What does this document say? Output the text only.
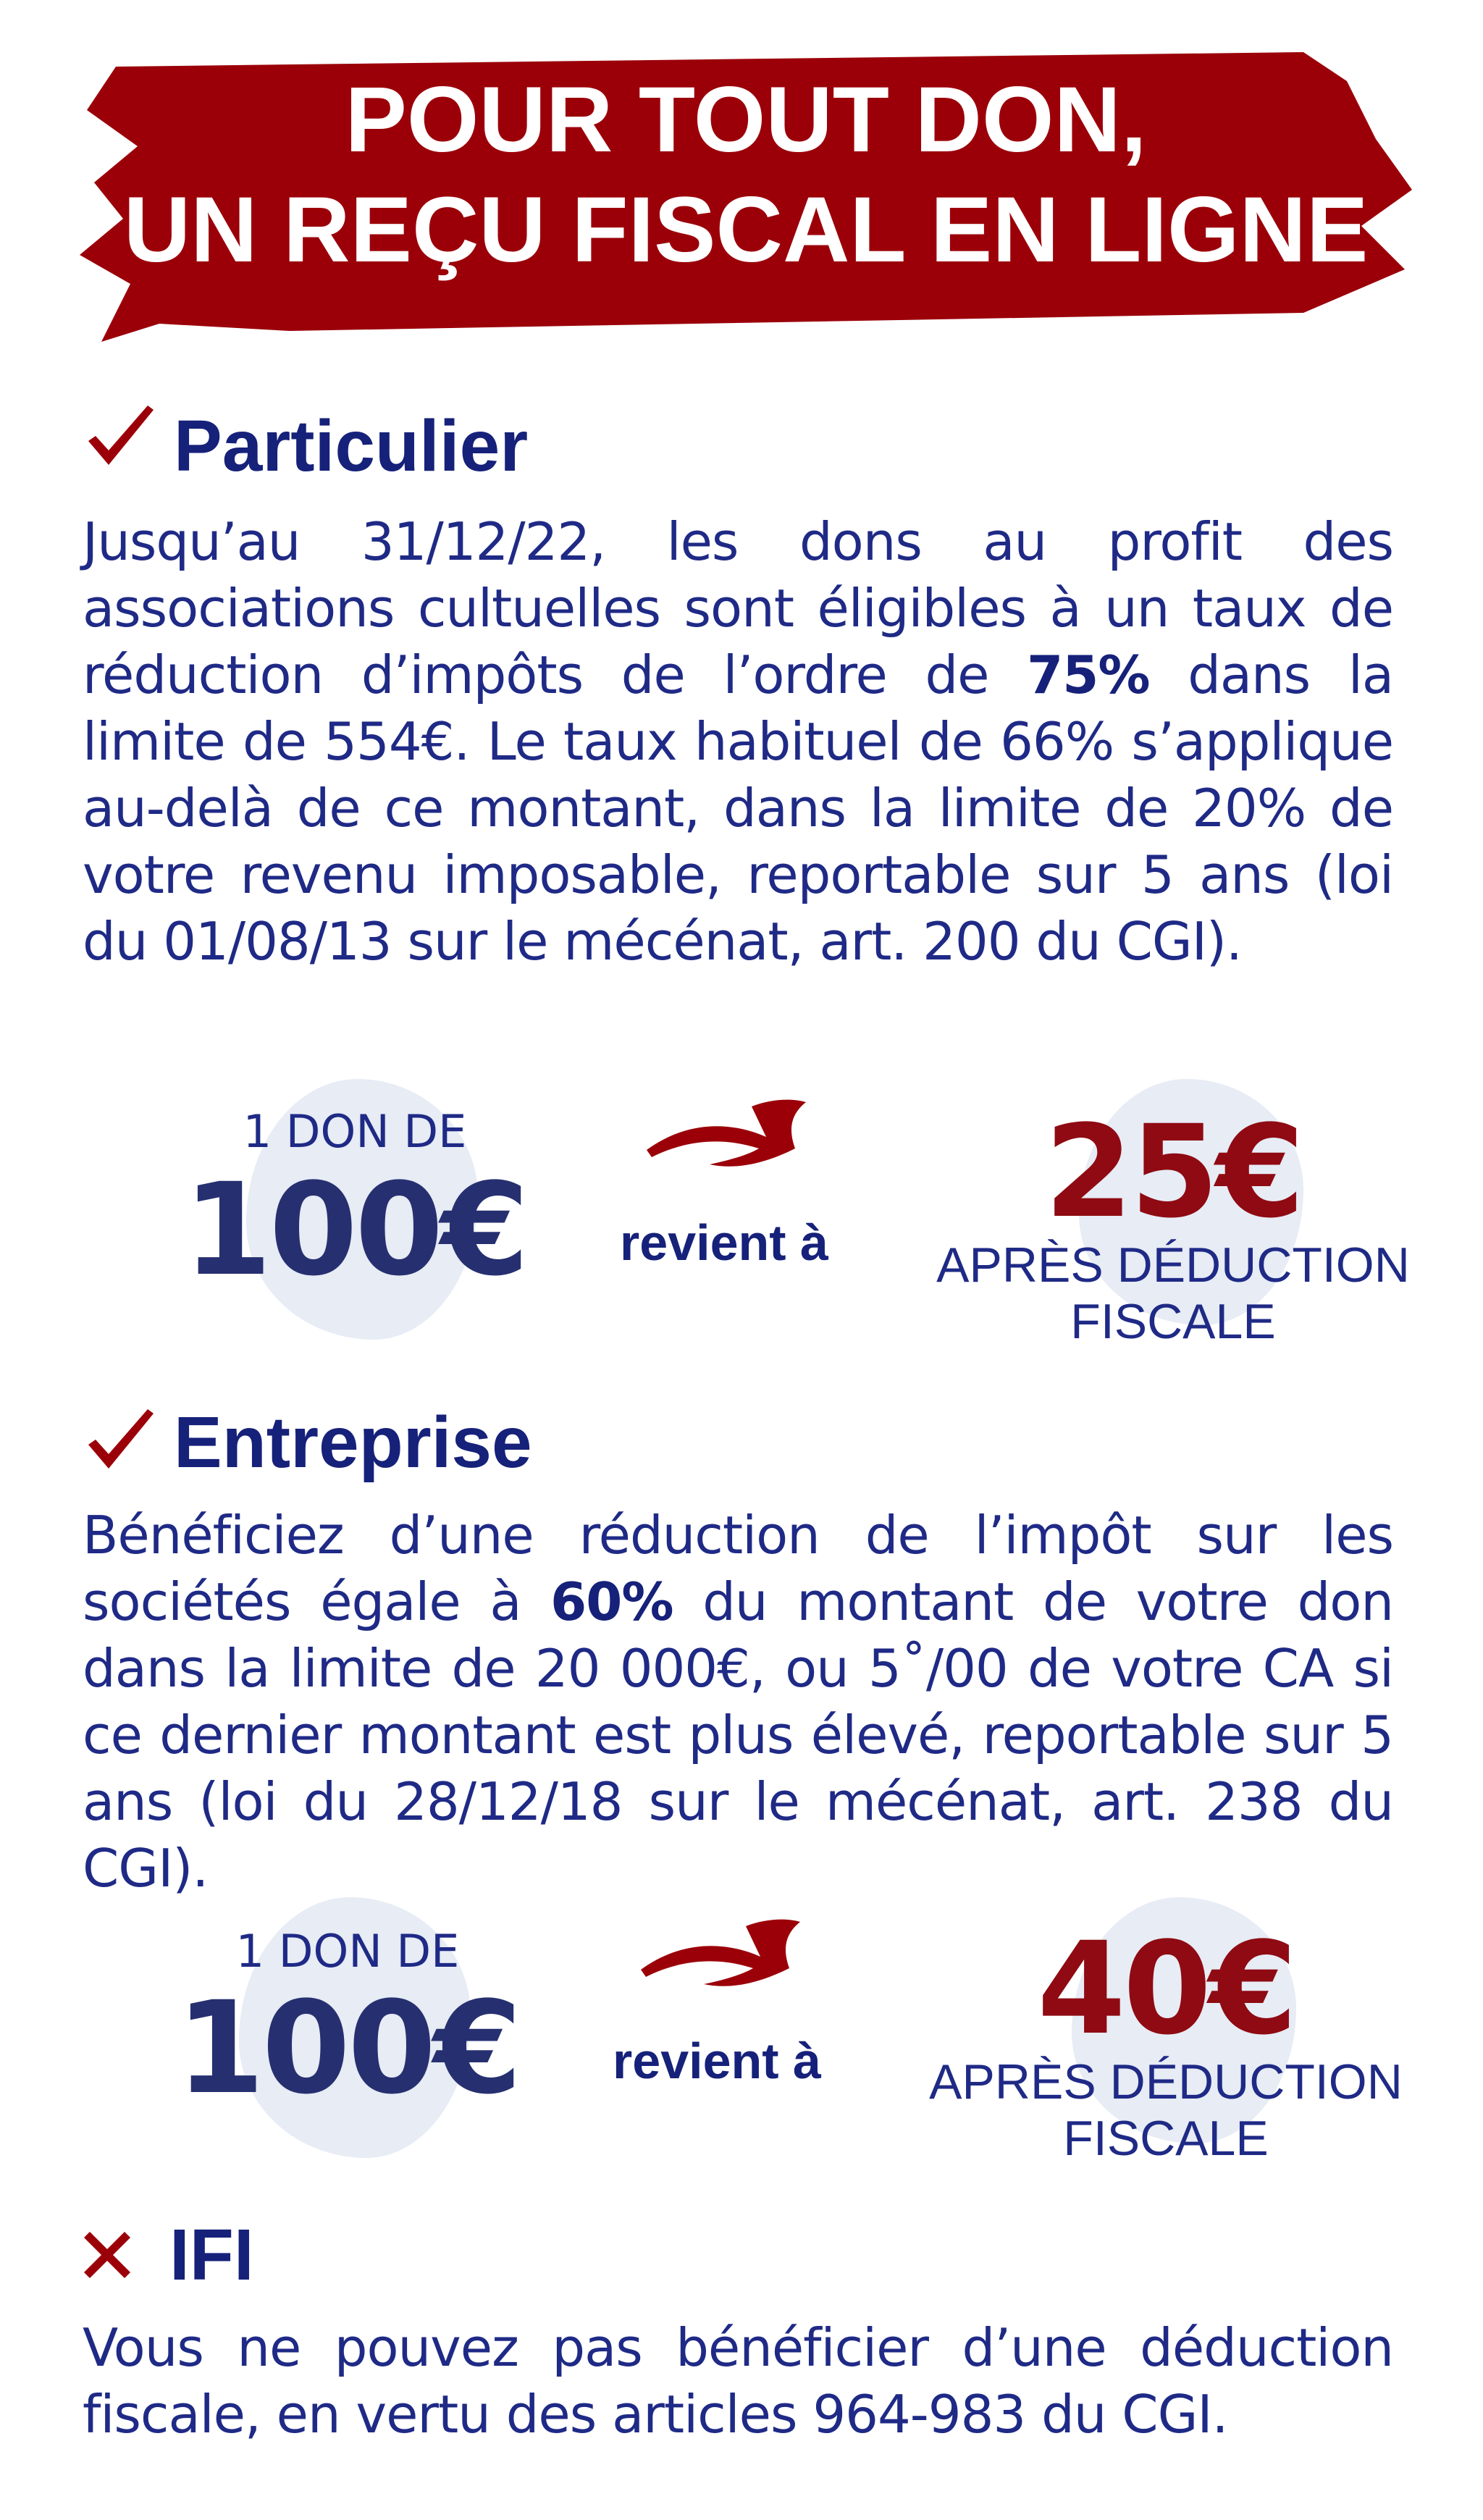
POUR TOUT DON,
UN REÇU FISCAL EN LIGNE
Particulier
Jusqu’au 31/12/22, les dons au profit des associations cultuelles sont éligibles à un taux de réduction d’impôts de l’ordre de 75% dans la limite de 554€. Le taux habituel de 66% s’applique au-delà de ce montant, dans la limite de 20% de votre revenu imposable, reportable sur 5 ans (loi du 01/08/13 sur le mécénat, art. 200 du CGI).
1 DON DE
100€	revient à	25€
APRÈS DÉDUCTION
FISCALE
Entreprise
Bénéficiez d’une réduction de l’impôt sur les sociétés égale à 60% du montant de votre don dans la limite de 20 000€, ou 5˚/00 de votre CA si ce dernier montant est plus élevé, reportable sur 5 ans (loi du 28/12/18 sur le mécénat, art. 238 du CGI).
1 DON DE
100€	revient à	40€
APRÈS DÉDUCTION
FISCALE
IFI
Vous ne pouvez pas bénéficier d’une déduction fiscale, en vertu des articles 964-983 du CGI.
